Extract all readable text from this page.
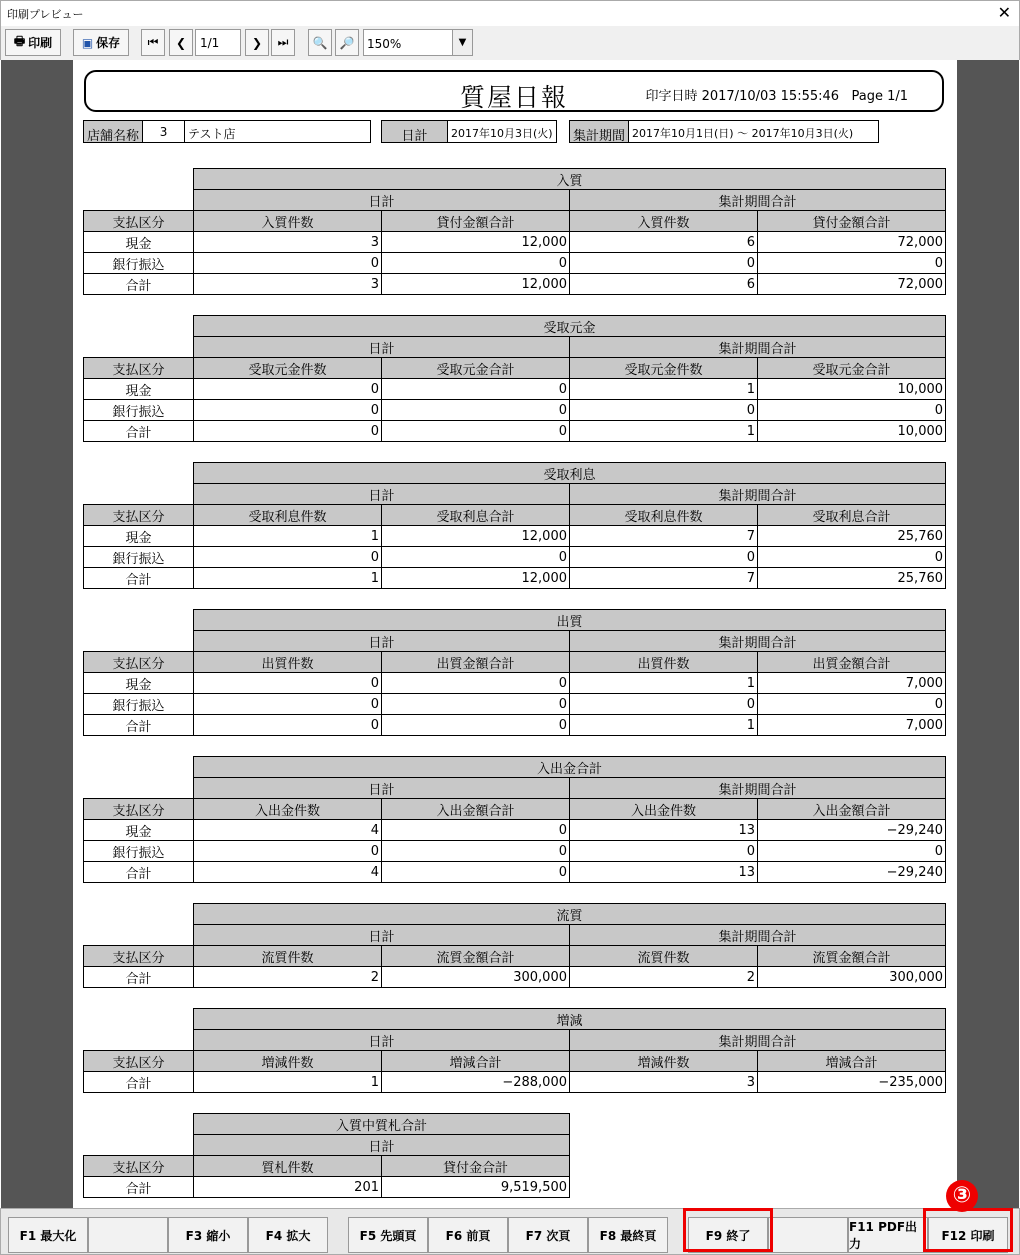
印刷プレビュー	✕
🖶 印刷 ▣ 保存 ⏮ ❮	1/1	❯ ⏭ 🔍 🔎 150%	▼
質屋日報	印字日時 2017/10/03 15:55:46 Page 1/1
店舗名称	3	テスト店	日計	2017年10月3日(火) 集計期間 2017年10月1日(日) ～ 2017年10月3日(火)
	入質			
	日計		集計期間合計	
支払区分	入質件数	貸付金額合計	入質件数	貸付金額合計
現金	3	12,000	6	72,000
銀行振込	0	0	0	0
合計	3	12,000	6	72,000
	受取元金			
	日計		集計期間合計	
支払区分	受取元金件数	受取元金合計	受取元金件数	受取元金合計
現金	0	0	1	10,000
銀行振込	0	0	0	0
合計	0	0	1	10,000
	受取利息			
	日計		集計期間合計	
支払区分	受取利息件数	受取利息合計	受取利息件数	受取利息合計
現金	1	12,000	7	25,760
銀行振込	0	0	0	0
合計	1	12,000	7	25,760
	出質			
	日計		集計期間合計	
支払区分	出質件数	出質金額合計	出質件数	出質金額合計
現金	0	0	1	7,000
銀行振込	0	0	0	0
合計	0	0	1	7,000
	入出金合計			
	日計		集計期間合計	
支払区分	入出金件数	入出金額合計	入出金件数	入出金額合計
現金	4	0	13	−29,240
銀行振込	0	0	0	0
合計	4	0	13	−29,240
	流質			
	日計		集計期間合計	
支払区分	流質件数	流質金額合計	流質件数	流質金額合計
合計	2	300,000	2	300,000
	増減			
	日計		集計期間合計	
支払区分	増減件数	増減合計	増減件数	増減合計
合計	1	−288,000	3	−235,000
	入質中質札合計	
	日計	
支払区分	質札件数	貸付金合計
合計	201	9,519,500
F1 最大化	F3 縮小	F4 拡大	F5 先頭頁	F6 前頁	F7 次頁	F8 最終頁	F9 終了
F11 PDF出力
F12 印刷
③
